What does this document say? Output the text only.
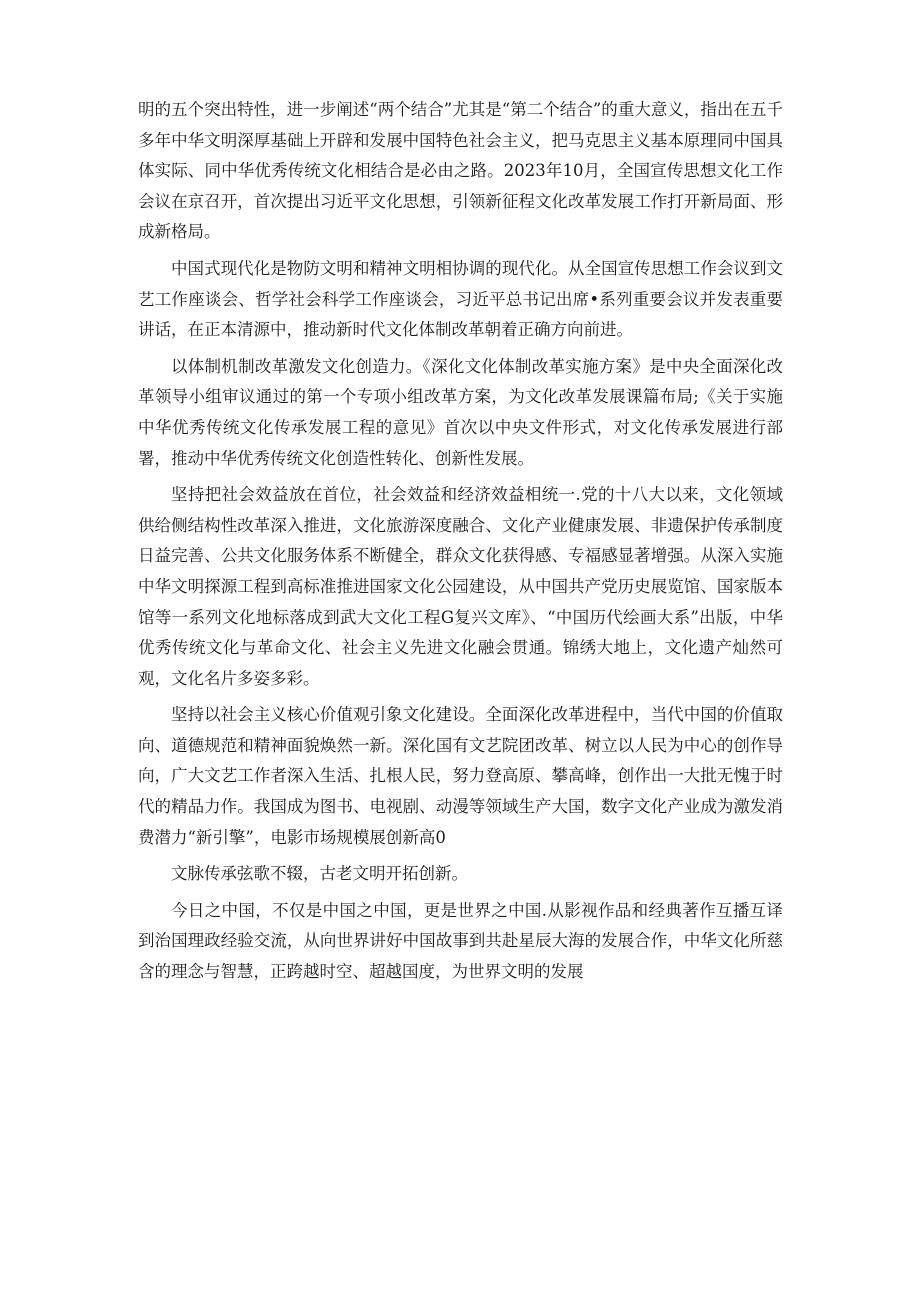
明的五个突出特性，进一步阐述“两个结合”尤其是“第二个结合”的重大意义，指出在五千多年中华文明深厚基础上开辟和发展中国特色社会主义，把马克思主义基本原理同中国具体实际、同中华优秀传统文化相结合是必由之路。2023年10月，全国宣传思想文化工作会议在京召开，首次提出习近平文化思想，引领新征程文化改革发展工作打开新局面、形成新格局。

中国式现代化是物防文明和精神文明相协调的现代化。从全国宣传思想工作会议到文艺工作座谈会、哲学社会科学工作座谈会，习近平总书记出席•系列重要会议并发表重要讲话，在正本清源中，推动新时代文化体制改革朝着正确方向前进。

以体制机制改革激发文化创造力。《深化文化体制改革实施方案》是中央全面深化改革领导小组审议通过的第一个专项小组改革方案，为文化改革发展课篇布局;《关于实施中华优秀传统文化传承发展工程的意见》首次以中央文件形式，对文化传承发展进行部署，推动中华优秀传统文化创造性转化、创新性发展。

坚持把社会效益放在首位，社会效益和经济效益相统一.党的十八大以来，文化领域供给侧结构性改革深入推进，文化旅游深度融合、文化产业健康发展、非遗保护传承制度日益完善、公共文化服务体系不断健全，群众文化获得感、专福感显著增强。从深入实施中华文明探源工程到高标准推进国家文化公园建设，从中国共产党历史展览馆、国家版本馆等一系列文化地标落成到武大文化工程G复兴文库》、“中国历代绘画大系”出版，中华优秀传统文化与革命文化、社会主义先进文化融会贯通。锦绣大地上，文化遗产灿然可观，文化名片多姿多彩。

坚持以社会主义核心价值观引象文化建设。全面深化改革进程中，当代中国的价值取向、道德规范和精神面貌焕然一新。深化国有文艺院团改革、树立以人民为中心的创作导向，广大文艺工作者深入生活、扎根人民，努力登高原、攀高峰，创作出一大批无愧于时代的精品力作。我国成为图书、电视剧、动漫等领域生产大国，数字文化产业成为激发消费潜力“新引擎”，电影市场规模展创新高0

文脉传承弦歌不辍，古老文明开拓创新。

今日之中国，不仅是中国之中国，更是世界之中国.从影视作品和经典著作互播互译到治国理政经验交流，从向世界讲好中国故事到共赴星辰大海的发展合作，中华文化所慈含的理念与智慧，正跨越时空、超越国度，为世界文明的发展
